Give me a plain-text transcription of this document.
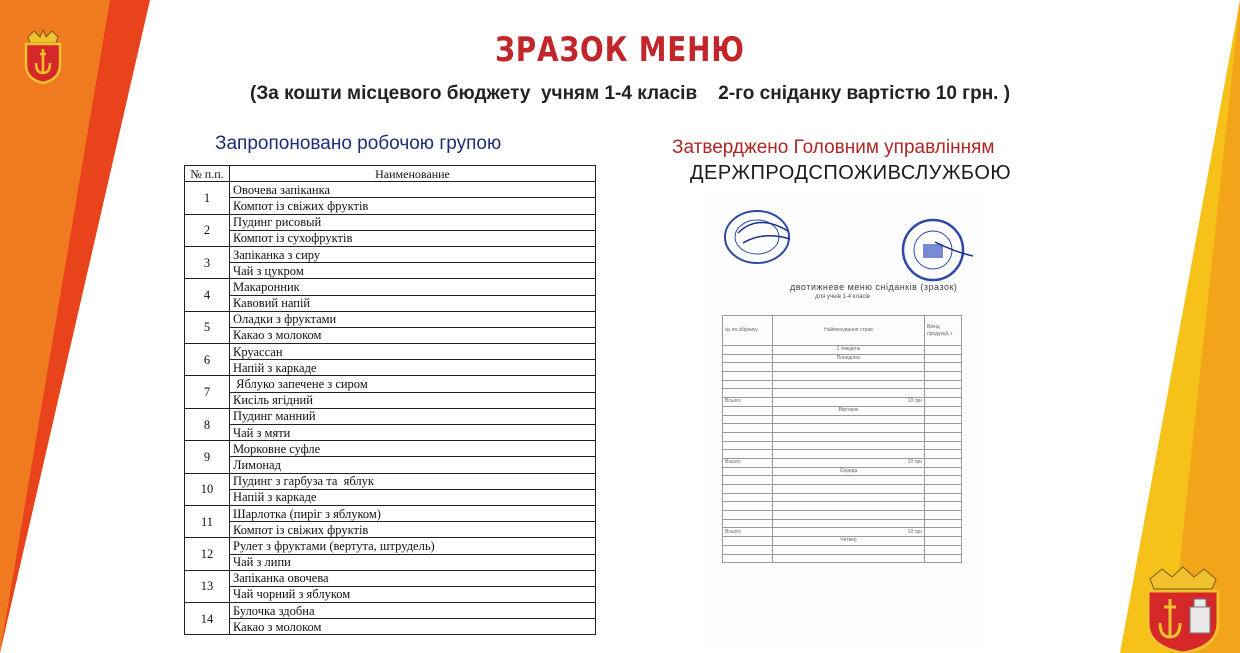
ЗРАЗОК МЕНЮ
(За кошти місцевого бюджету  учням 1-4 класів    2-го сніданку вартістю 10 грн. )
Запропоновано робочою групою	Затверджено Головним управлінням
ДЕРЖПРОДСПОЖИВСЛУЖБОЮ
№ п.п.	Наименование
1	Овочева запіканка
	Компот із свіжих фруктів
2	Пудинг рисовый
	Компот із сухофруктів
3	Запіканка з сиру
	Чай з цукром
4	Макаронник
	Кавовий напій
5	Оладки з фруктами
	Какао з молоком
6	Круассан
	Напій з каркаде
7	Яблуко запечене з сиром
	Кисіль ягідний
8	Пудинг манний
	Чай з мяти
9	Морковне суфле
	Лимонад
10	Пудинг з гарбуза та  яблук
	Напій з каркаде
11	Шарлотка (пиріг з яблуком)
	Компот із свіжих фруктів
12	Рулет з фруктами (вертута, штрудель)
	Чай з липи
13	Запіканка овочева
	Чай чорний з яблуком
14	Булочка здобна
	Какао з молоком
двотижневе меню сніданків (зразок)
для учнів 1-4 класів
№ по збірнику	Найменування страв	Вихід продукції, г
	1 тиждень	
	Понеділок	

Всього	10 грн	
	Вівторок	

Всього	10 грн	
	Середа	

Всього	10 грн	
	Четвер	
